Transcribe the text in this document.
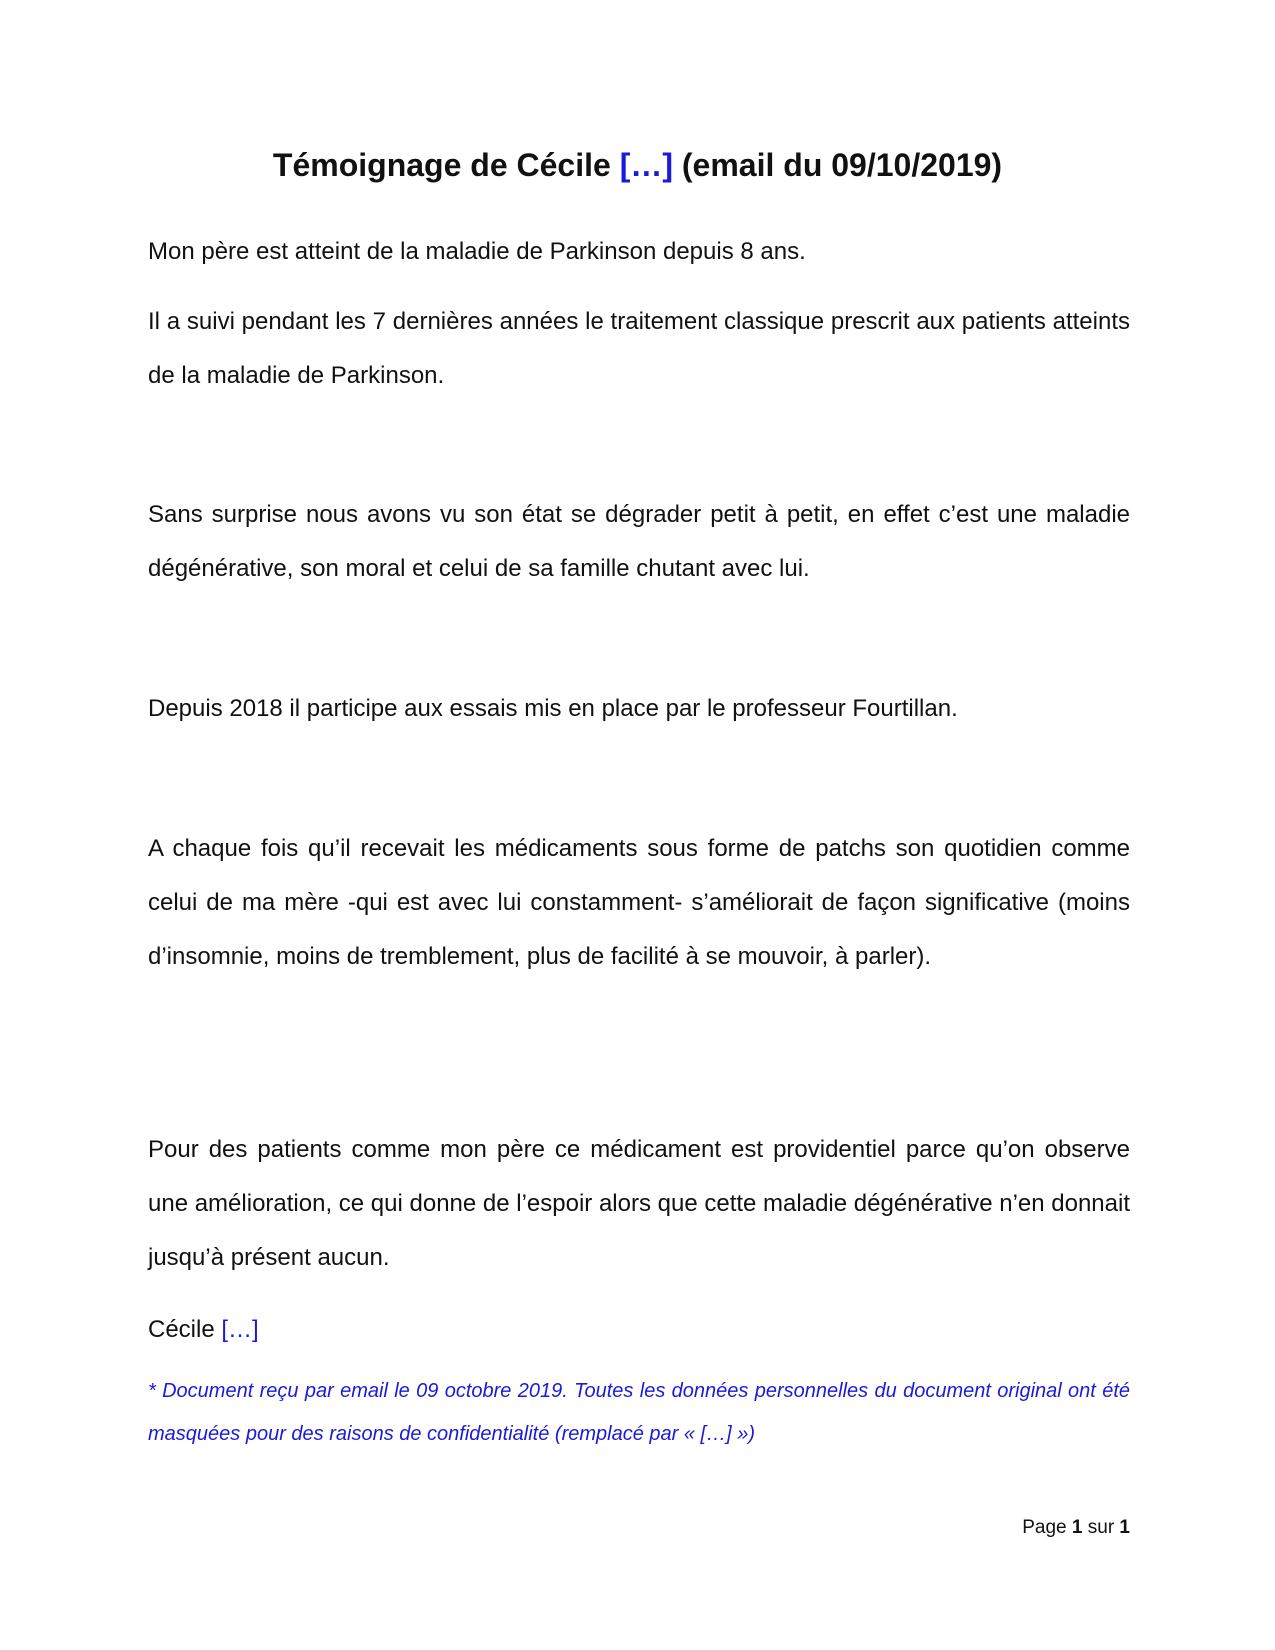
Témoignage de Cécile […] (email du 09/10/2019)

Mon père est atteint de la maladie de Parkinson depuis 8 ans.

Il a suivi pendant les 7 dernières années le traitement classique prescrit aux patients atteints de la maladie de Parkinson.

Sans surprise nous avons vu son état se dégrader petit à petit, en effet c’est une maladie dégénérative, son moral et celui de sa famille chutant avec lui.

Depuis 2018 il participe aux essais mis en place par le professeur Fourtillan.

A chaque fois qu’il recevait les médicaments sous forme de patchs son quotidien comme celui de ma mère -qui est avec lui constamment- s’améliorait de façon significative (moins d’insomnie, moins de tremblement, plus de facilité à se mouvoir, à parler).

Pour des patients comme mon père ce médicament est providentiel parce qu’on observe une amélioration, ce qui donne de l’espoir alors que cette maladie dégénérative n’en donnait jusqu’à présent aucun.

Cécile […]

* Document reçu par email le 09 octobre 2019. Toutes les données personnelles du document original ont été masquées pour des raisons de confidentialité (remplacé par « […] »)

Page 1 sur 1
